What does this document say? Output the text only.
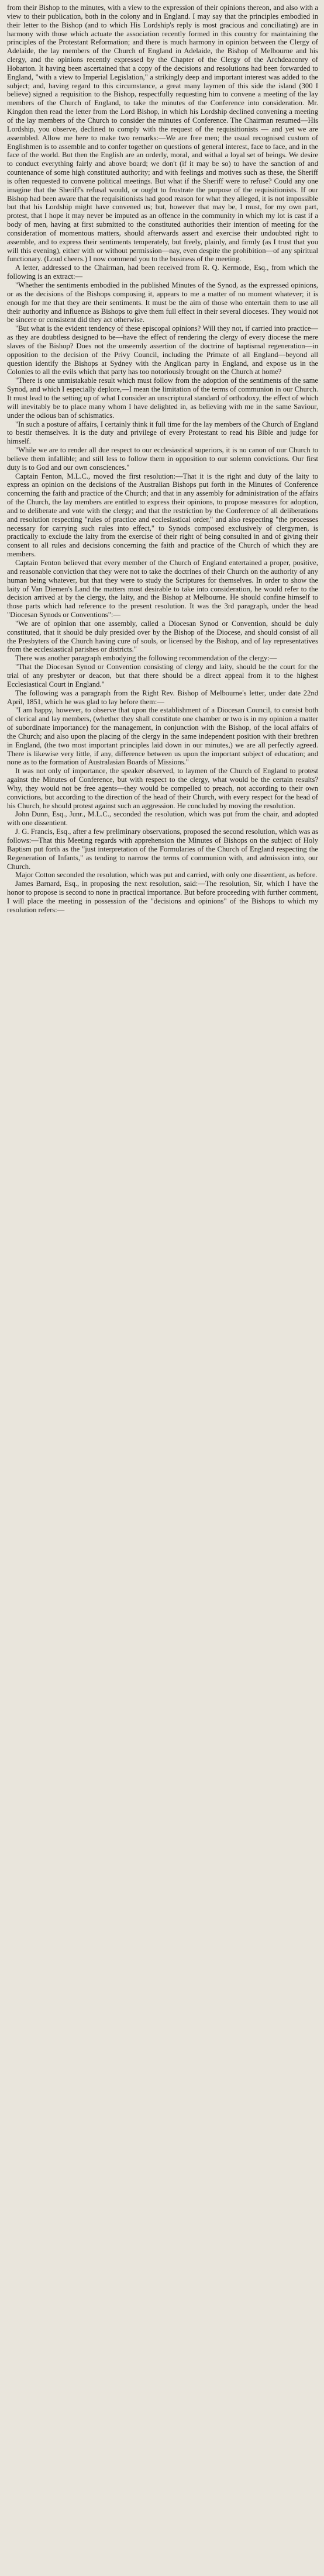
from their Bishop to the minutes, with a view to the expression of their opinions thereon, and also with a view to their publication, both in the colony and in England. I may say that the principles embodied in their letter to the Bishop (and to which His Lordship's reply is most gracious and conciliating) are in harmony with those which actuate the association recently formed in this country for maintaining the principles of the Protestant Reformation; and there is much harmony in opinion between the Clergy of Adelaide, the lay members of the Church of England in Adelaide, the Bishop of Melbourne and his clergy, and the opinions recently expressed by the Chapter of the Clergy of the Archdeaconry of Hobarton. It having been ascertained that a copy of the decisions and resolutions had been forwarded to England, "with a view to Imperial Legislation," a strikingly deep and important interest was added to the subject; and, having regard to this circumstance, a great many laymen of this side the island (300 I believe) signed a requisition to the Bishop, respectfully requesting him to convene a meeting of the lay members of the Church of England, to take the minutes of the Conference into consideration. Mr. Kingdon then read the letter from the Lord Bishop, in which his Lordship declined convening a meeting of the lay members of the Church to consider the minutes of Conference. The Chairman resumed—His Lordship, you observe, declined to comply with the request of the requisitionists — and yet we are assembled. Allow me here to make two remarks:—We are free men; the usual recognised custom of Englishmen is to assemble and to confer together on questions of general interest, face to face, and in the face of the world. But then the English are an orderly, moral, and withal a loyal set of beings. We desire to conduct everything fairly and above board; we don't (if it may be so) to have the sanction of and countenance of some high constituted authority; and with feelings and motives such as these, the Sheriff is often requested to convene political meetings. But what if the Sheriff were to refuse? Could any one imagine that the Sheriff's refusal would, or ought to frustrate the purpose of the requisitionists. If our Bishop had been aware that the requisitionists had good reason for what they alleged, it is not impossible but that his Lordship might have convened us; but, however that may be, I must, for my own part, protest, that I hope it may never be imputed as an offence in the community in which my lot is cast if a body of men, having at first submitted to the constituted authorities their intention of meeting for the consideration of momentous matters, should afterwards assert and exercise their undoubted right to assemble, and to express their sentiments temperately, but freely, plainly, and firmly (as I trust that you will this evening), either with or without permission—nay, even despite the prohibition—of any spiritual functionary. (Loud cheers.) I now commend you to the business of the meeting.

A letter, addressed to the Chairman, had been received from R. Q. Kermode, Esq., from which the following is an extract:—

"Whether the sentiments embodied in the published Minutes of the Synod, as the expressed opinions, or as the decisions of the Bishops composing it, appears to me a matter of no moment whatever; it is enough for me that they are their sentiments. It must be the aim of those who entertain them to use all their authority and influence as Bishops to give them full effect in their several dioceses. They would not be sincere or consistent did they act otherwise.

"But what is the evident tendency of these episcopal opinions? Will they not, if carried into practice—as they are doubtless designed to be—have the effect of rendering the clergy of every diocese the mere slaves of the Bishop? Does not the unseemly assertion of the doctrine of baptismal regeneration—in opposition to the decision of the Privy Council, including the Primate of all England—beyond all question identify the Bishops at Sydney with the Anglican party in England, and expose us in the Colonies to all the evils which that party has too notoriously brought on the Church at home?

"There is one unmistakable result which must follow from the adoption of the sentiments of the same Synod, and which I especially deplore,—I mean the limitation of the terms of communion in our Church. It must lead to the setting up of what I consider an unscriptural standard of orthodoxy, the effect of which will inevitably be to place many whom I have delighted in, as believing with me in the same Saviour, under the odious ban of schismatics.

"In such a posture of affairs, I certainly think it full time for the lay members of the Church of England to bestir themselves. It is the duty and privilege of every Protestant to read his Bible and judge for himself.

"While we are to render all due respect to our ecclesiastical superiors, it is no canon of our Church to believe them infallible; and still less to follow them in opposition to our solemn convictions. Our first duty is to God and our own consciences."

Captain Fenton, M.L.C., moved the first resolution:—That it is the right and duty of the laity to express an opinion on the decisions of the Australian Bishops put forth in the Minutes of Conference concerning the faith and practice of the Church; and that in any assembly for administration of the affairs of the Church, the lay members are entitled to express their opinions, to propose measures for adoption, and to deliberate and vote with the clergy; and that the restriction by the Conference of all deliberations and resolution respecting "rules of practice and ecclesiastical order," and also respecting "the processes necessary for carrying such rules into effect," to Synods composed exclusively of clergymen, is practically to exclude the laity from the exercise of their right of being consulted in and of giving their consent to all rules and decisions concerning the faith and practice of the Church of which they are members.

Captain Fenton believed that every member of the Church of England entertained a proper, positive, and reasonable conviction that they were not to take the doctrines of their Church on the authority of any human being whatever, but that they were to study the Scriptures for themselves. In order to show the laity of Van Diemen's Land the matters most desirable to take into consideration, he would refer to the decision arrived at by the clergy, the laity, and the Bishop at Melbourne. He should confine himself to those parts which had reference to the present resolution. It was the 3rd paragraph, under the head "Diocesan Synods or Conventions":—

"We are of opinion that one assembly, called a Diocesan Synod or Convention, should be duly constituted, that it should be duly presided over by the Bishop of the Diocese, and should consist of all the Presbyters of the Church having cure of souls, or licensed by the Bishop, and of lay representatives from the ecclesiastical parishes or districts."

There was another paragraph embodying the following recommendation of the clergy:—

"That the Diocesan Synod or Convention consisting of clergy and laity, should be the court for the trial of any presbyter or deacon, but that there should be a direct appeal from it to the highest Ecclesiastical Court in England."

The following was a paragraph from the Right Rev. Bishop of Melbourne's letter, under date 22nd April, 1851, which he was glad to lay before them:—

"I am happy, however, to observe that upon the establishment of a Diocesan Council, to consist both of clerical and lay members, (whether they shall constitute one chamber or two is in my opinion a matter of subordinate importance) for the management, in conjunction with the Bishop, of the local affairs of the Church; and also upon the placing of the clergy in the same independent position with their brethren in England, (the two most important principles laid down in our minutes,) we are all perfectly agreed. There is likewise very little, if any, difference between us upon the important subject of education; and none as to the formation of Australasian Boards of Missions."

It was not only of importance, the speaker observed, to laymen of the Church of England to protest against the Minutes of Conference, but with respect to the clergy, what would be the certain results? Why, they would not be free agents—they would be compelled to preach, not according to their own convictions, but according to the direction of the head of their Church, with every respect for the head of his Church, he should protest against such an aggression. He concluded by moving the resolution.

John Dunn, Esq., Junr., M.L.C., seconded the resolution, which was put from the chair, and adopted with one dissentient.

J. G. Francis, Esq., after a few preliminary observations, proposed the second resolution, which was as follows:—That this Meeting regards with apprehension the Minutes of Bishops on the subject of Holy Baptism put forth as the "just interpretation of the Formularies of the Church of England respecting the Regeneration of Infants," as tending to narrow the terms of communion with, and admission into, our Church.

Major Cotton seconded the resolution, which was put and carried, with only one dissentient, as before.

James Barnard, Esq., in proposing the next resolution, said:—The resolution, Sir, which I have the honor to propose is second to none in practical importance. But before proceeding with further comment, I will place the meeting in possession of the "decisions and opinions" of the Bishops to which my resolution refers:—
